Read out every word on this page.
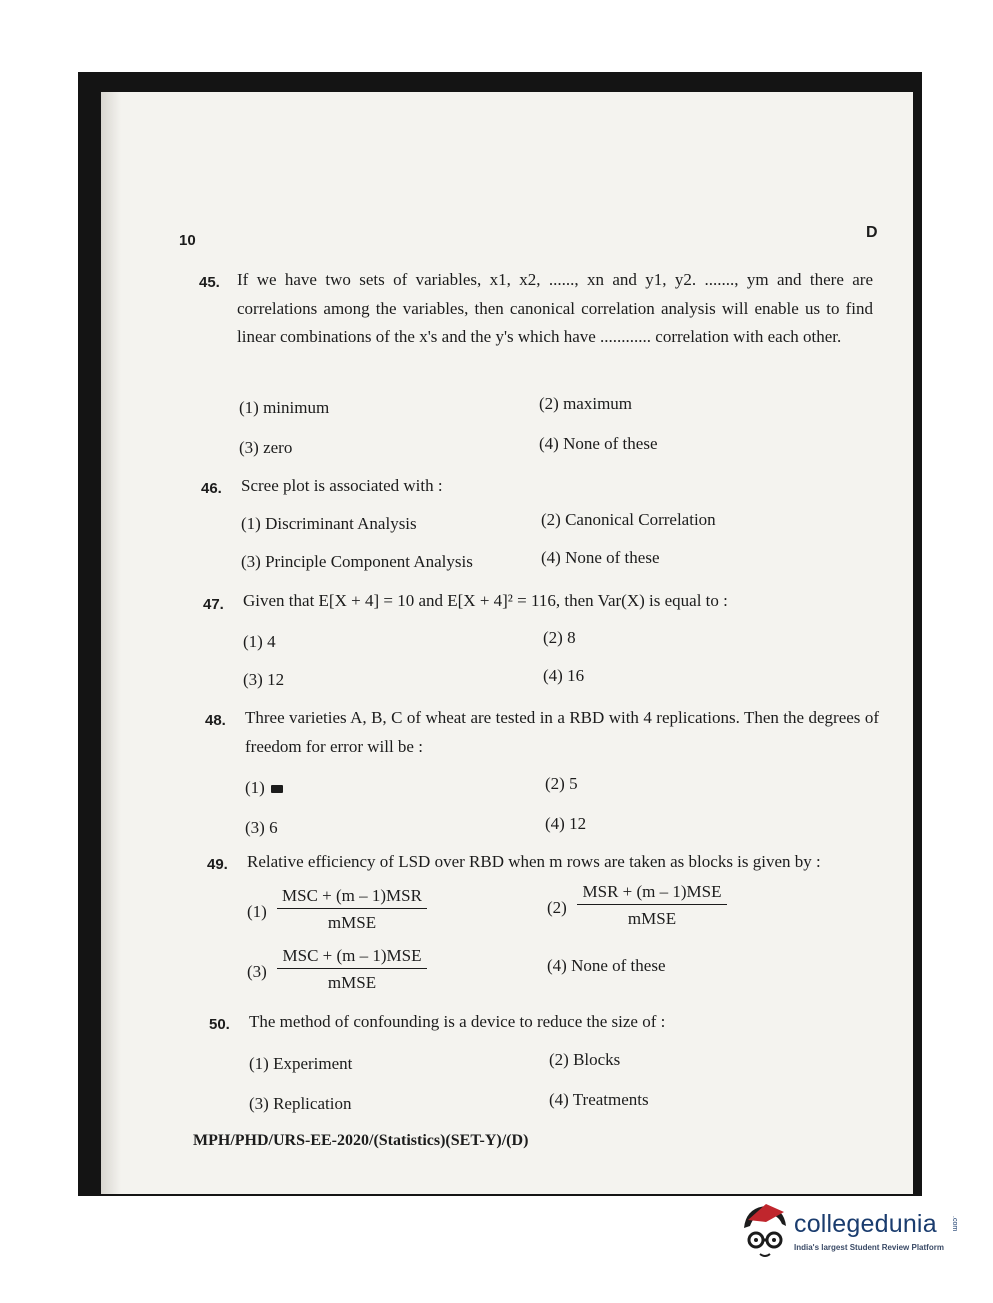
10	D
45. If we have two sets of variables, x1, x2, ......, xn and y1, y2. ......., ym and there are correlations among the variables, then canonical correlation analysis will enable us to find linear combinations of the x's and the y's which have ............ correlation with each other.
(1) minimum	(2) maximum
(3) zero	(4) None of these
46. Scree plot is associated with :
(1) Discriminant Analysis	(2) Canonical Correlation
(3) Principle Component Analysis	(4) None of these
47. Given that E[X + 4] = 10 and E[X + 4]² = 116, then Var(X) is equal to :
(1) 4	(2) 8
(3) 12	(4) 16
48. Three varieties A, B, C of wheat are tested in a RBD with 4 replications. Then the degrees of freedom for error will be :
(1)	(2) 5
(3) 6	(4) 12
49. Relative efficiency of LSD over RBD when m rows are taken as blocks is given by :
(1)
MSC + (m – 1)MSR
mMSE
(2)
MSR + (m – 1)MSE
mMSE
(3)
MSC + (m – 1)MSE
mMSE
(4) None of these
50. The method of confounding is a device to reduce the size of :
(1) Experiment	(2) Blocks
(3) Replication	(4) Treatments
MPH/PHD/URS-EE-2020/(Statistics)(SET-Y)/(D)
collegedunia .com
India's largest Student Review Platform
